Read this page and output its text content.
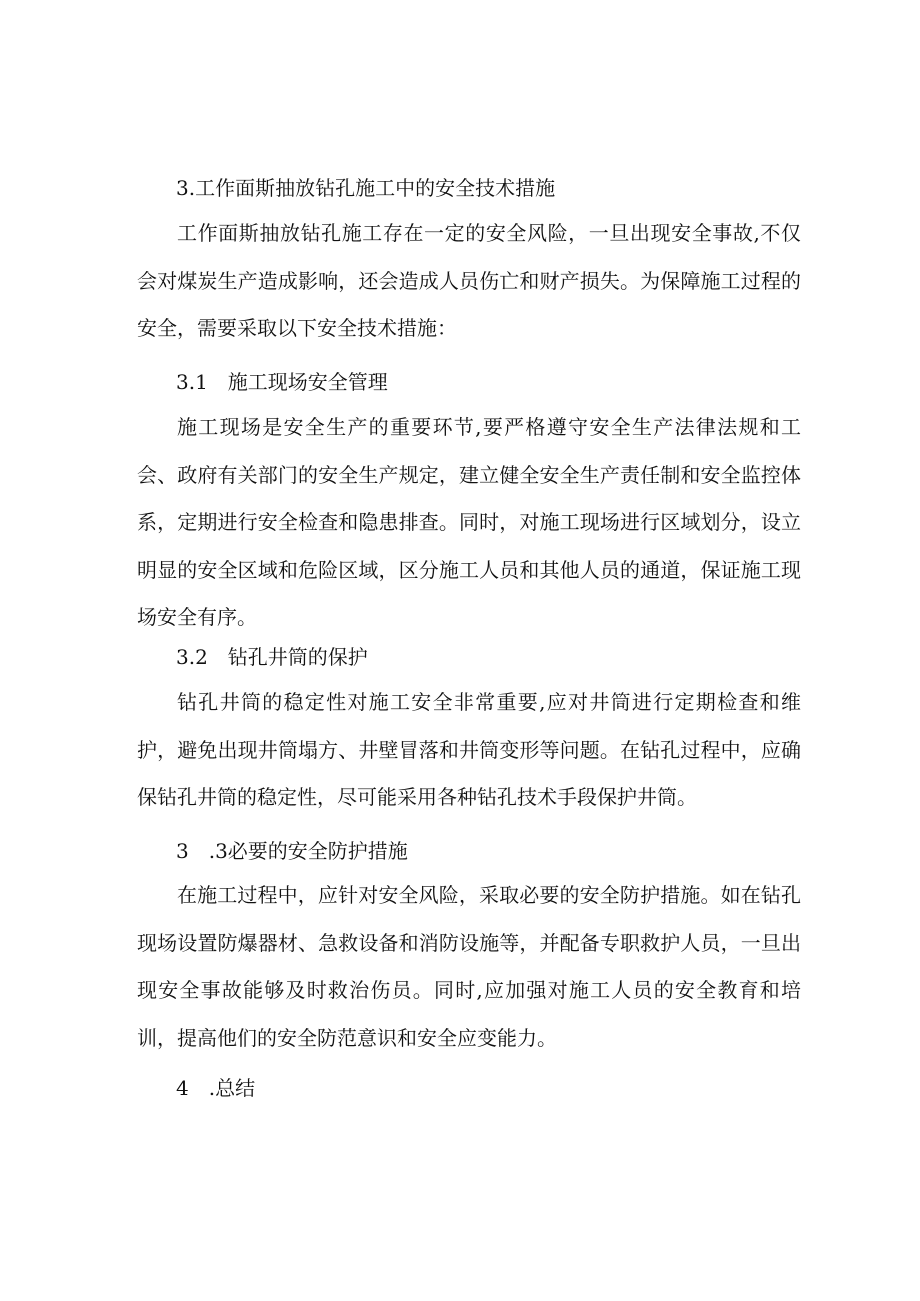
3.工作面斯抽放钻孔施工中的安全技术措施

工作面斯抽放钻孔施工存在一定的安全风险，一旦出现安全事故,不仅会对煤炭生产造成影响，还会造成人员伤亡和财产损失。为保障施工过程的安全，需要采取以下安全技术措施：

3.1　施工现场安全管理

施工现场是安全生产的重要环节,要严格遵守安全生产法律法规和工会、政府有关部门的安全生产规定，建立健全安全生产责任制和安全监控体系，定期进行安全检查和隐患排查。同时，对施工现场进行区域划分，设立明显的安全区域和危险区域，区分施工人员和其他人员的通道，保证施工现场安全有序。

3.2　钻孔井筒的保护

钻孔井筒的稳定性对施工安全非常重要,应对井筒进行定期检查和维护，避免出现井筒塌方、井壁冒落和井筒变形等问题。在钻孔过程中，应确保钻孔井筒的稳定性，尽可能采用各种钻孔技术手段保护井筒。

3　.3必要的安全防护措施

在施工过程中，应针对安全风险，采取必要的安全防护措施。如在钻孔现场设置防爆器材、急救设备和消防设施等，并配备专职救护人员，一旦出现安全事故能够及时救治伤员。同时,应加强对施工人员的安全教育和培训，提高他们的安全防范意识和安全应变能力。

4　.总结
